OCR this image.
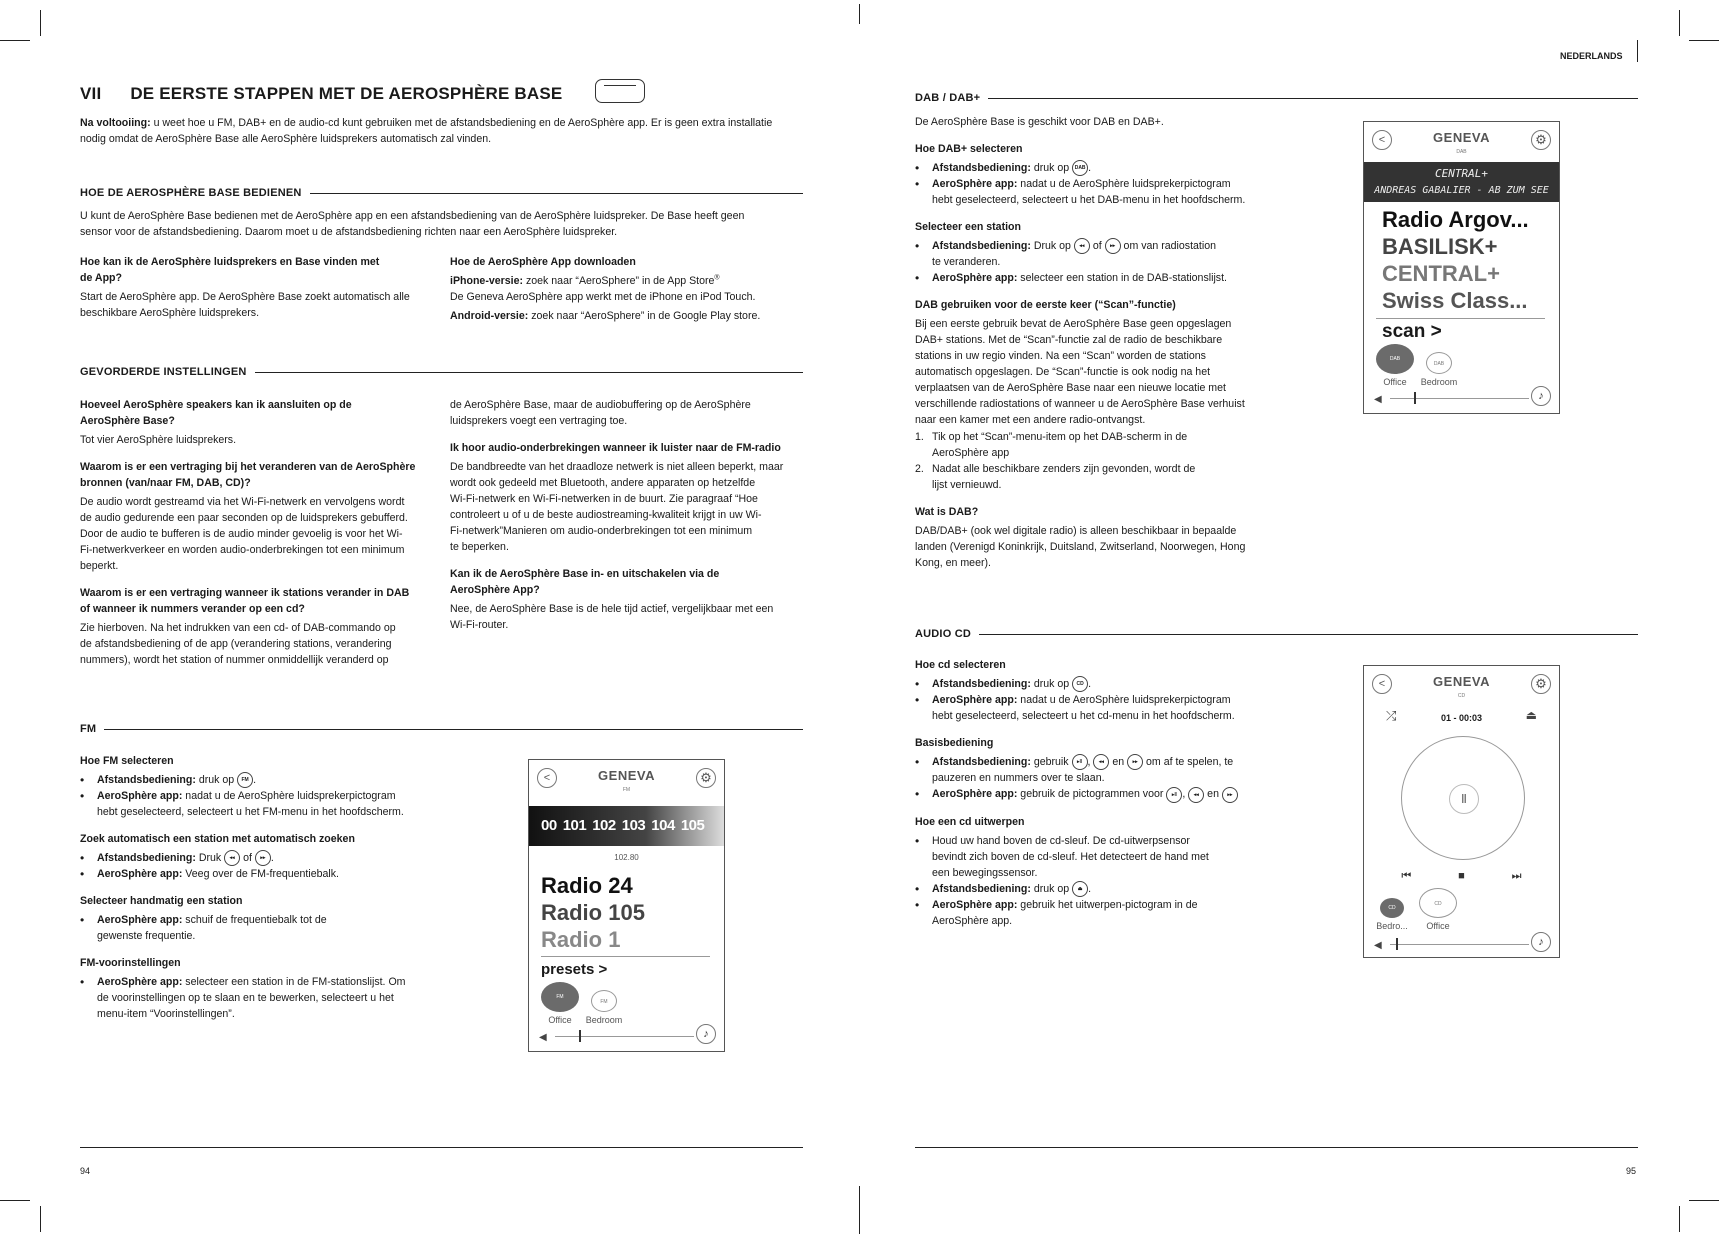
NEDERLANDS
VII DE EERSTE STAPPEN MET DE AEROSPHÈRE BASE
Na voltooiing: u weet hoe u FM, DAB+ en de audio-cd kunt gebruiken met de afstandsbediening en de AeroSphère app. Er is geen extra installatie
nodig omdat de AeroSphère Base alle AeroSphère luidsprekers automatisch zal vinden.
HOE DE AEROSPHÈRE BASE BEDIENEN
U kunt de AeroSphère Base bedienen met de AeroSphère app en een afstandsbediening van de AeroSphère luidspreker. De Base heeft geen
sensor voor de afstandsbediening. Daarom moet u de afstandsbediening richten naar een AeroSphère luidspreker.
Hoe kan ik de AeroSphère luidsprekers en Base vinden met
de App?
Start de AeroSphère app. De AeroSphère Base zoekt automatisch alle
beschikbare AeroSphère luidsprekers.
Hoe de AeroSphère App downloaden
iPhone-versie: zoek naar “AeroSphere” in de App Store®
De Geneva AeroSphère app werkt met de iPhone en iPod Touch.
Android-versie: zoek naar “AeroSphere” in de Google Play store.
GEVORDERDE INSTELLINGEN
Hoeveel AeroSphère speakers kan ik aansluiten op de
AeroSphère Base?
Tot vier AeroSphère luidsprekers.
Waarom is er een vertraging bij het veranderen van de AeroSphère
bronnen (van/naar FM, DAB, CD)?
De audio wordt gestreamd via het Wi-Fi-netwerk en vervolgens wordt
de audio gedurende een paar seconden op de luidsprekers gebufferd.
Door de audio te bufferen is de audio minder gevoelig is voor het Wi-
Fi-netwerkverkeer en worden audio-onderbrekingen tot een minimum
beperkt.
Waarom is er een vertraging wanneer ik stations verander in DAB
of wanneer ik nummers verander op een cd?
Zie hierboven. Na het indrukken van een cd- of DAB-commando op
de afstandsbediening of de app (verandering stations, verandering
nummers), wordt het station of nummer onmiddellijk veranderd op
de AeroSphère Base, maar de audiobuffering op de AeroSphère
luidsprekers voegt een vertraging toe.
Ik hoor audio-onderbrekingen wanneer ik luister naar de FM-radio
De bandbreedte van het draadloze netwerk is niet alleen beperkt, maar
wordt ook gedeeld met Bluetooth, andere apparaten op hetzelfde
Wi-Fi-netwerk en Wi-Fi-netwerken in de buurt. Zie paragraaf “Hoe
controleert u of u de beste audiostreaming-kwaliteit krijgt in uw Wi-
Fi-netwerk”Manieren om audio-onderbrekingen tot een minimum
te beperken.
Kan ik de AeroSphère Base in- en uitschakelen via de
AeroSphère App?
Nee, de AeroSphère Base is de hele tijd actief, vergelijkbaar met een
Wi-Fi-router.
FM
Hoe FM selecteren
• Afstandsbediening: druk op FM .
• AeroSphère app: nadat u de AeroSphère luidsprekerpictogram
hebt geselecteerd, selecteert u het FM-menu in het hoofdscherm.
Zoek automatisch een station met automatisch zoeken
• Afstandsbediening: Druk ◂◂ of ▸▸ .
• AeroSphère app: Veeg over de FM-frequentiebalk.
Selecteer handmatig een station
• AeroSphère app: schuif de frequentiebalk tot de
gewenste frequentie.
FM-voorinstellingen
• AeroSphère app: selecteer een station in de FM-stationslijst. Om
de voorinstellingen op te slaan en te bewerken, selecteert u het
menu-item “Voorinstellingen”.
<	GENEVA
FM
⚙
00 101 102 103 104 105
102.80
Radio 24
Radio 105
Radio 1
presets >
FM
Office
FM
Bedroom
◀	♪
94
DAB / DAB+
De AeroSphère Base is geschikt voor DAB en DAB+.
Hoe DAB+ selecteren
• Afstandsbediening: druk op DAB .
• AeroSphère app: nadat u de AeroSphère luidsprekerpictogram
hebt geselecteerd, selecteert u het DAB-menu in het hoofdscherm.
Selecteer een station
• Afstandsbediening: Druk op ◂◂ of ▸▸ om van radiostation
te veranderen.
• AeroSphère app: selecteer een station in de DAB-stationslijst.
DAB gebruiken voor de eerste keer (“Scan”-functie)
Bij een eerste gebruik bevat de AeroSphère Base geen opgeslagen
DAB+ stations. Met de “Scan”-functie zal de radio de beschikbare
stations in uw regio vinden. Na een “Scan” worden de stations
automatisch opgeslagen. De “Scan”-functie is ook nodig na het
verplaatsen van de AeroSphère Base naar een nieuwe locatie met
verschillende radiostations of wanneer u de AeroSphère Base verhuist
naar een kamer met een andere radio-ontvangst.
1. Tik op het “Scan”-menu-item op het DAB-scherm in de
AeroSphère app
2. Nadat alle beschikbare zenders zijn gevonden, wordt de
lijst vernieuwd.
Wat is DAB?
DAB/DAB+ (ook wel digitale radio) is alleen beschikbaar in bepaalde
landen (Verenigd Koninkrijk, Duitsland, Zwitserland, Noorwegen, Hong
Kong, en meer).
<	GENEVA
DAB
⚙
CENTRAL+
ANDREAS GABALIER - AB ZUM SEE
Radio Argov...
BASILISK+
CENTRAL+
Swiss Class...
scan >
DAB
Office
DAB
Bedroom
◀	♪
AUDIO CD
Hoe cd selecteren
• Afstandsbediening: druk op CD .
• AeroSphère app: nadat u de AeroSphère luidsprekerpictogram
hebt geselecteerd, selecteert u het cd-menu in het hoofdscherm.
Basisbediening
• Afstandsbediening: gebruik ▸‖ , ◂◂ en ▸▸ om af te spelen, te
pauzeren en nummers over te slaan.
• AeroSphère app: gebruik de pictogrammen voor ▸‖ , ◂◂ en ▸▸
Hoe een cd uitwerpen
• Houd uw hand boven de cd-sleuf. De cd-uitwerpsensor
bevindt zich boven de cd-sleuf. Het detecteert de hand met
een bewegingssensor.
• Afstandsbediening: druk op ⏏ .
• AeroSphère app: gebruik het uitwerpen-pictogram in de
AeroSphère app.
<	GENEVA
CD
⚙
⤮	01 - 00:03	⏏
‖
⏮	■	⏭
CD
Bedro...
CD
Office
◀	♪
95
